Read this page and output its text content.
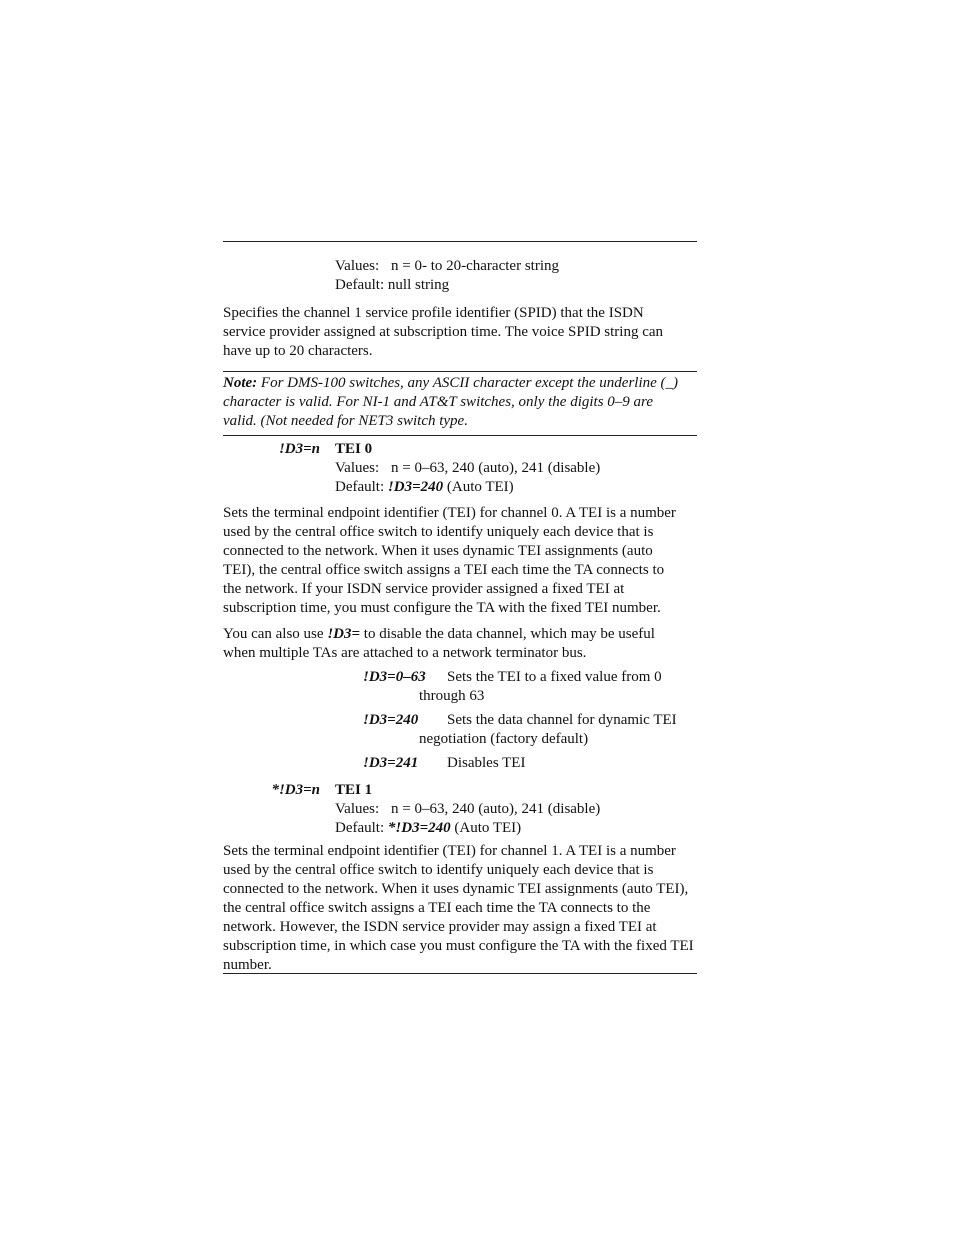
Values: n = 0- to 20-character string
Default: null string
Specifies the channel 1 service profile identifier (SPID) that the ISDN
service provider assigned at subscription time. The voice SPID string can
have up to 20 characters.
Note: For DMS-100 switches, any ASCII character except the underline (_)
character is valid. For NI-1 and AT&T switches, only the digits 0–9 are
valid. (Not needed for NET3 switch type.
!D3=n TEI 0
Values: n = 0–63, 240 (auto), 241 (disable)
Default: !D3=240 (Auto TEI)
Sets the terminal endpoint identifier (TEI) for channel 0. A TEI is a number
used by the central office switch to identify uniquely each device that is
connected to the network. When it uses dynamic TEI assignments (auto
TEI), the central office switch assigns a TEI each time the TA connects to
the network. If your ISDN service provider assigned a fixed TEI at
subscription time, you must configure the TA with the fixed TEI number.
You can also use !D3= to disable the data channel, which may be useful
when multiple TAs are attached to a network terminator bus.
!D3=0–63 Sets the TEI to a fixed value from 0
through 63
!D3=240 Sets the data channel for dynamic TEI
negotiation (factory default)
!D3=241 Disables TEI
*!D3=n TEI 1
Values: n = 0–63, 240 (auto), 241 (disable)
Default: *!D3=240 (Auto TEI)
Sets the terminal endpoint identifier (TEI) for channel 1. A TEI is a number
used by the central office switch to identify uniquely each device that is
connected to the network. When it uses dynamic TEI assignments (auto TEI),
the central office switch assigns a TEI each time the TA connects to the
network. However, the ISDN service provider may assign a fixed TEI at
subscription time, in which case you must configure the TA with the fixed TEI
number.
